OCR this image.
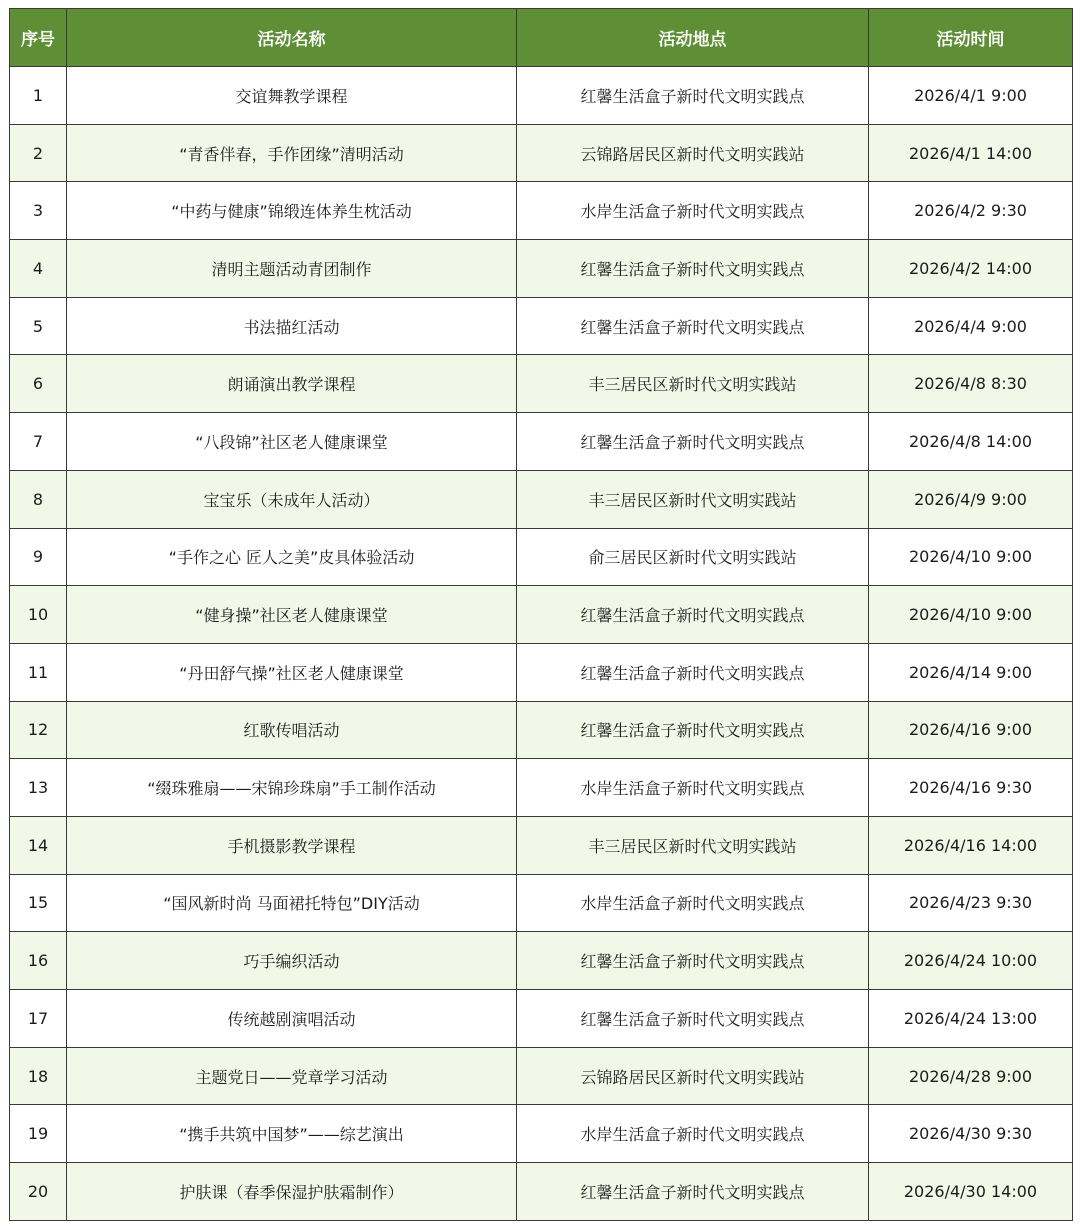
序号	活动名称	活动地点	活动时间
1	交谊舞教学课程	红馨生活盒子新时代文明实践点	2026/4/1 9:00
2	“青香伴春，手作团缘”清明活动	云锦路居民区新时代文明实践站	2026/4/1 14:00
3	“中药与健康”锦缎连体养生枕活动	水岸生活盒子新时代文明实践点	2026/4/2 9:30
4	清明主题活动青团制作	红馨生活盒子新时代文明实践点	2026/4/2 14:00
5	书法描红活动	红馨生活盒子新时代文明实践点	2026/4/4 9:00
6	朗诵演出教学课程	丰三居民区新时代文明实践站	2026/4/8 8:30
7	“八段锦”社区老人健康课堂	红馨生活盒子新时代文明实践点	2026/4/8 14:00
8	宝宝乐（未成年人活动）	丰三居民区新时代文明实践站	2026/4/9 9:00
9	“手作之心 匠人之美”皮具体验活动	俞三居民区新时代文明实践站	2026/4/10 9:00
10	“健身操”社区老人健康课堂	红馨生活盒子新时代文明实践点	2026/4/10 9:00
11	“丹田舒气操”社区老人健康课堂	红馨生活盒子新时代文明实践点	2026/4/14 9:00
12	红歌传唱活动	红馨生活盒子新时代文明实践点	2026/4/16 9:00
13	“缀珠雅扇——宋锦珍珠扇”手工制作活动	水岸生活盒子新时代文明实践点	2026/4/16 9:30
14	手机摄影教学课程	丰三居民区新时代文明实践站	2026/4/16 14:00
15	“国风新时尚 马面裙托特包”DIY活动	水岸生活盒子新时代文明实践点	2026/4/23 9:30
16	巧手编织活动	红馨生活盒子新时代文明实践点	2026/4/24 10:00
17	传统越剧演唱活动	红馨生活盒子新时代文明实践点	2026/4/24 13:00
18	主题党日——党章学习活动	云锦路居民区新时代文明实践站	2026/4/28 9:00
19	“携手共筑中国梦”——综艺演出	水岸生活盒子新时代文明实践点	2026/4/30 9:30
20	护肤课（春季保湿护肤霜制作）	红馨生活盒子新时代文明实践点	2026/4/30 14:00
